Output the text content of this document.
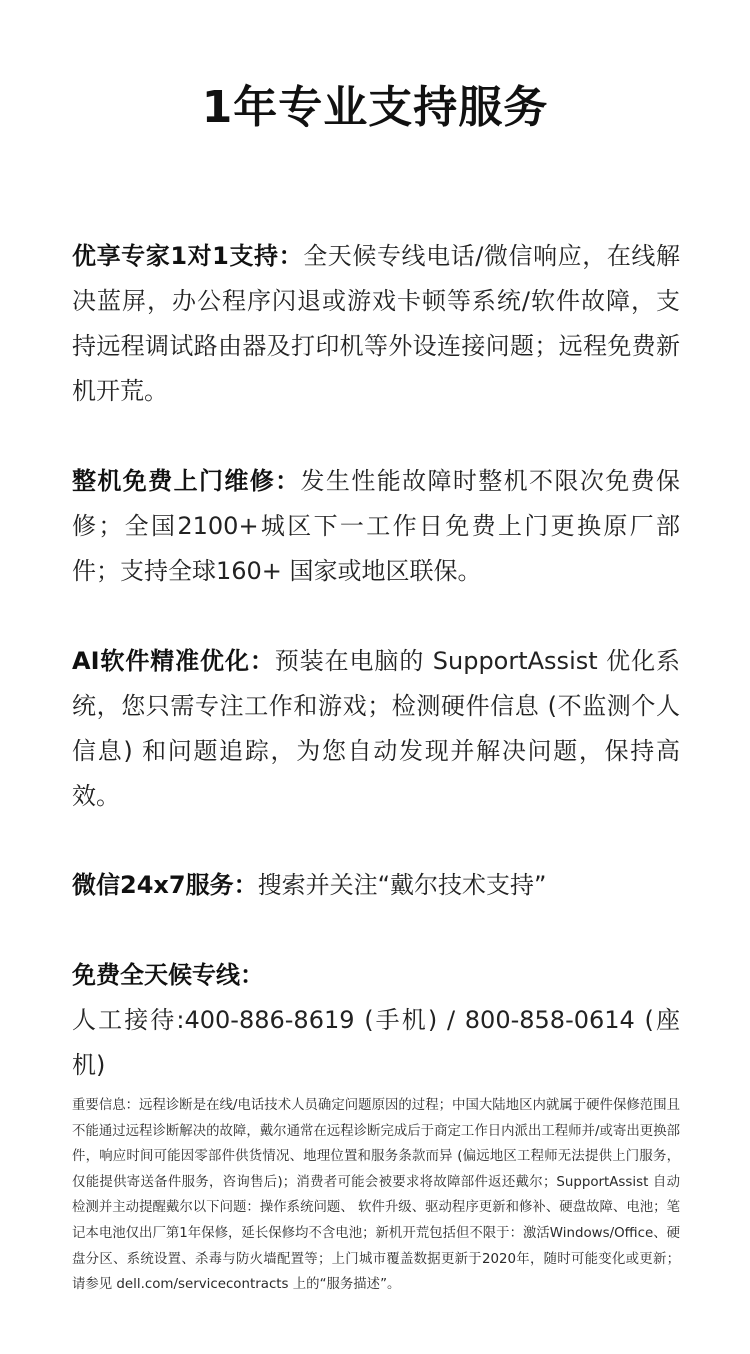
1年专业支持服务
优享专家1对1支持：全天候专线电话/微信响应，在线解决蓝屏，办公程序闪退或游戏卡顿等系统/软件故障，支持远程调试路由器及打印机等外设连接问题；远程免费新机开荒。
整机免费上门维修：发生性能故障时整机不限次免费保修；全国2100+城区下一工作日免费上门更换原厂部件；支持全球160+ 国家或地区联保。
AI软件精准优化：预装在电脑的 SupportAssist 优化系统，您只需专注工作和游戏；检测硬件信息 (不监测个人信息) 和问题追踪，为您自动发现并解决问题，保持高效。
微信24x7服务：搜索并关注“戴尔技术支持”
免费全天候专线：
人工接待:400-886-8619 (手机) / 800-858-0614 (座机)
重要信息：远程诊断是在线/电话技术人员确定问题原因的过程；中国大陆地区内就属于硬件保修范围且不能通过远程诊断解决的故障，戴尔通常在远程诊断完成后于商定工作日内派出工程师并/或寄出更换部件，响应时间可能因零部件供货情况、地理位置和服务条款而异 (偏远地区工程师无法提供上门服务，仅能提供寄送备件服务，咨询售后)；消费者可能会被要求将故障部件返还戴尔；SupportAssist 自动检测并主动提醒戴尔以下问题：操作系统问题、 软件升级、驱动程序更新和修补、硬盘故障、电池；笔记本电池仅出厂第1年保修，延长保修均不含电池；新机开荒包括但不限于：激活Windows/Office、硬盘分区、系统设置、杀毒与防火墙配置等；上门城市覆盖数据更新于2020年，随时可能变化或更新；请参见 dell.com/servicecontracts 上的“服务描述”。
